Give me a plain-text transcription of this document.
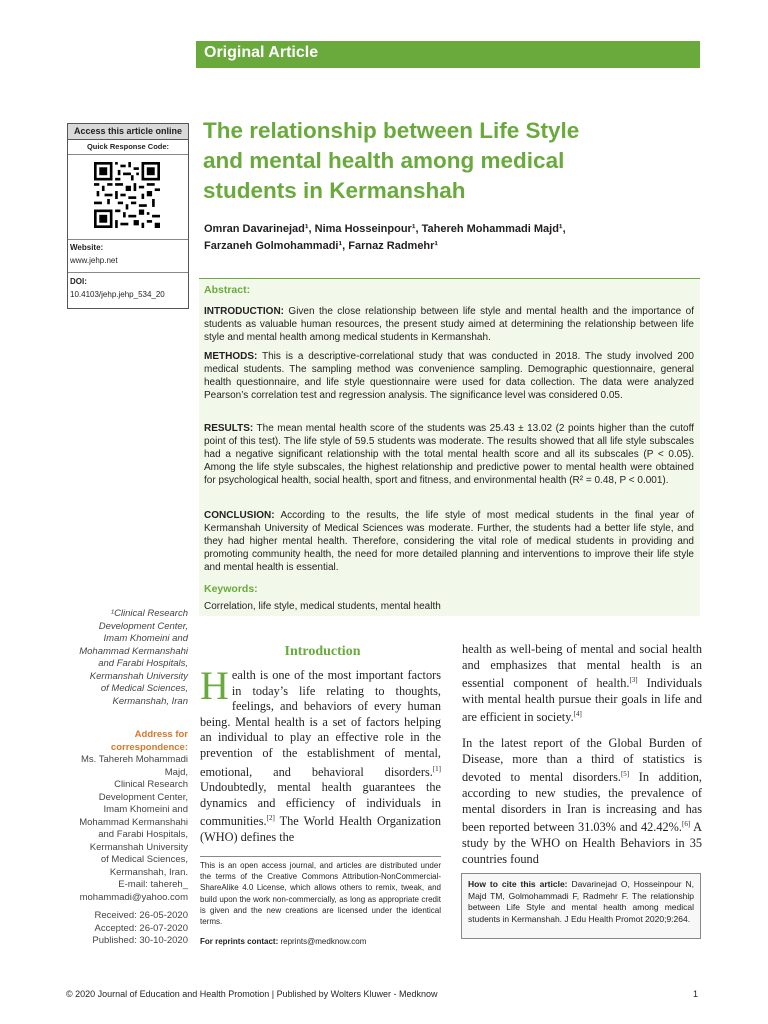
Original Article
Access this article online
Quick Response Code:
Website:
www.jehp.net
DOI:
10.4103/jehp.jehp_534_20
The relationship between Life Style
and mental health among medical
students in Kermanshah
Omran Davarinejad¹, Nima Hosseinpour¹, Tahereh Mohammadi Majd¹,
Farzaneh Golmohammadi¹, Farnaz Radmehr¹
Abstract:

INTRODUCTION: Given the close relationship between life style and mental health and the importance of students as valuable human resources, the present study aimed at determining the relationship between life style and mental health among medical students in Kermanshah.

METHODS: This is a descriptive-correlational study that was conducted in 2018. The study involved 200 medical students. The sampling method was convenience sampling. Demographic questionnaire, general health questionnaire, and life style questionnaire were used for data collection. The data were analyzed Pearson’s correlation test and regression analysis. The significance level was considered 0.05.

RESULTS: The mean mental health score of the students was 25.43 ± 13.02 (2 points higher than the cutoff point of this test). The life style of 59.5 students was moderate. The results showed that all life style subscales had a negative significant relationship with the total mental health score and all its subscales (P < 0.05). Among the life style subscales, the highest relationship and predictive power to mental health were obtained for psychological health, social health, sport and fitness, and environmental health (R² = 0.48, P < 0.001).

CONCLUSION: According to the results, the life style of most medical students in the final year of Kermanshah University of Medical Sciences was moderate. Further, the students had a better life style, and they had higher mental health. Therefore, considering the vital role of medical students in providing and promoting community health, the need for more detailed planning and interventions to improve their life style and mental health is essential.

Keywords:
Correlation, life style, medical students, mental health
¹Clinical Research
Development Center,
Imam Khomeini and
Mohammad Kermanshahi
and Farabi Hospitals,
Kermanshah University
of Medical Sciences,
Kermanshah, Iran
Address for
correspondence:
Ms. Tahereh Mohammadi
Majd,
Clinical Research
Development Center,
Imam Khomeini and
Mohammad Kermanshahi
and Farabi Hospitals,
Kermanshah University
of Medical Sciences,
Kermanshah, Iran.
E-mail: tahereh_
mohammadi@yahoo.com
Received: 26-05-2020
Accepted: 26-07-2020
Published: 30-10-2020
Introduction
Health is one of the most important factors in today’s life relating to thoughts, feelings, and behaviors of every human being. Mental health is a set of factors helping an individual to play an effective role in the prevention of the establishment of mental, emotional, and behavioral disorders.[1] Undoubtedly, mental health guarantees the dynamics and efficiency of individuals in communities.[2] The World Health Organization (WHO) defines the

health as well-being of mental and social health and emphasizes that mental health is an essential component of health.[3] Individuals with mental health pursue their goals in life and are efficient in society.[4]

In the latest report of the Global Burden of Disease, more than a third of statistics is devoted to mental disorders.[5] In addition, according to new studies, the prevalence of mental disorders in Iran is increasing and has been reported between 31.03% and 42.42%.[6] A study by the WHO on Health Behaviors in 35 countries found

This is an open access journal, and articles are distributed under the terms of the Creative Commons Attribution-NonCommercial-ShareAlike 4.0 License, which allows others to remix, tweak, and build upon the work non-commercially, as long as appropriate credit is given and the new creations are licensed under the identical terms.
For reprints contact: reprints@medknow.com
How to cite this article: Davarinejad O, Hosseinpour N, Majd TM, Golmohammadi F, Radmehr F. The relationship between Life Style and mental health among medical students in Kermanshah. J Edu Health Promot 2020;9:264.
© 2020 Journal of Education and Health Promotion | Published by Wolters Kluwer - Medknow	1
